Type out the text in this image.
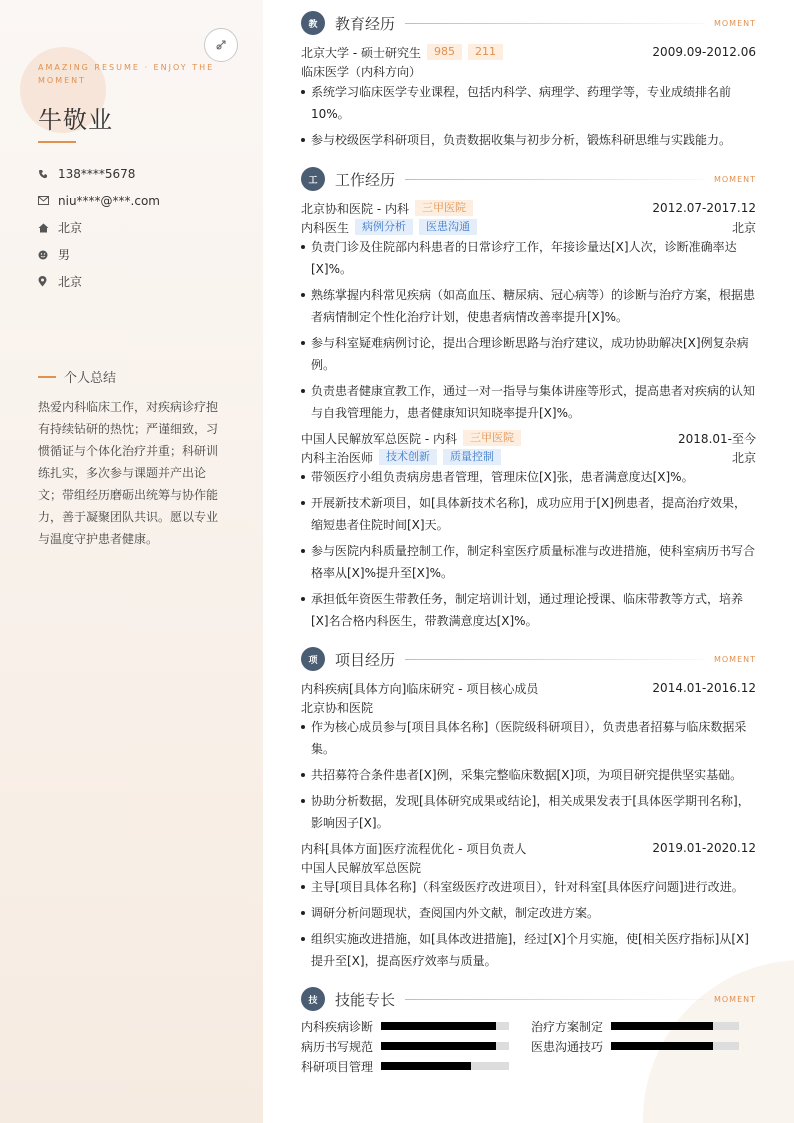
AMAZING RESUME · ENJOY THE MOMENT
牛敬业
138****5678
niu****@***.com
北京
男
北京
个人总结
热爱内科临床工作，对疾病诊疗抱有持续钻研的热忱；严谨细致，习惯循证与个体化治疗并重；科研训练扎实，多次参与课题并产出论文；带组经历磨砺出统筹与协作能力，善于凝聚团队共识。愿以专业与温度守护患者健康。
教	教育经历	MOMENT
北京大学 - 硕士研究生	985	211	2009.09-2012.06
临床医学（内科方向）
系统学习临床医学专业课程，包括内科学、病理学、药理学等，专业成绩排名前10%。
参与校级医学科研项目，负责数据收集与初步分析，锻炼科研思维与实践能力。
工	工作经历	MOMENT
北京协和医院 - 内科	三甲医院	2012.07-2017.12
内科医生	病例分析	医患沟通	北京
负责门诊及住院部内科患者的日常诊疗工作，年接诊量达[X]人次，诊断准确率达[X]%。
熟练掌握内科常见疾病（如高血压、糖尿病、冠心病等）的诊断与治疗方案，根据患者病情制定个性化治疗计划，使患者病情改善率提升[X]%。
参与科室疑难病例讨论，提出合理诊断思路与治疗建议，成功协助解决[X]例复杂病例。
负责患者健康宣教工作，通过一对一指导与集体讲座等形式，提高患者对疾病的认知与自我管理能力，患者健康知识知晓率提升[X]%。
中国人民解放军总医院 - 内科	三甲医院	2018.01-至今
内科主治医师	技术创新	质量控制	北京
带领医疗小组负责病房患者管理，管理床位[X]张，患者满意度达[X]%。
开展新技术新项目，如[具体新技术名称]，成功应用于[X]例患者，提高治疗效果，缩短患者住院时间[X]天。
参与医院内科质量控制工作，制定科室医疗质量标准与改进措施，使科室病历书写合格率从[X]%提升至[X]%。
承担低年资医生带教任务，制定培训计划，通过理论授课、临床带教等方式，培养[X]名合格内科医生，带教满意度达[X]%。
项	项目经历	MOMENT
内科疾病[具体方向]临床研究 - 项目核心成员	2014.01-2016.12
北京协和医院
作为核心成员参与[项目具体名称]（医院级科研项目），负责患者招募与临床数据采集。
共招募符合条件患者[X]例，采集完整临床数据[X]项，为项目研究提供坚实基础。
协助分析数据，发现[具体研究成果或结论]，相关成果发表于[具体医学期刊名称]，影响因子[X]。
内科[具体方面]医疗流程优化 - 项目负责人	2019.01-2020.12
中国人民解放军总医院
主导[项目具体名称]（科室级医疗改进项目），针对科室[具体医疗问题]进行改进。
调研分析问题现状，查阅国内外文献，制定改进方案。
组织实施改进措施，如[具体改进措施]，经过[X]个月实施，使[相关医疗指标]从[X]提升至[X]，提高医疗效率与质量。
技	技能专长	MOMENT
内科疾病诊断	治疗方案制定
病历书写规范	医患沟通技巧
科研项目管理
